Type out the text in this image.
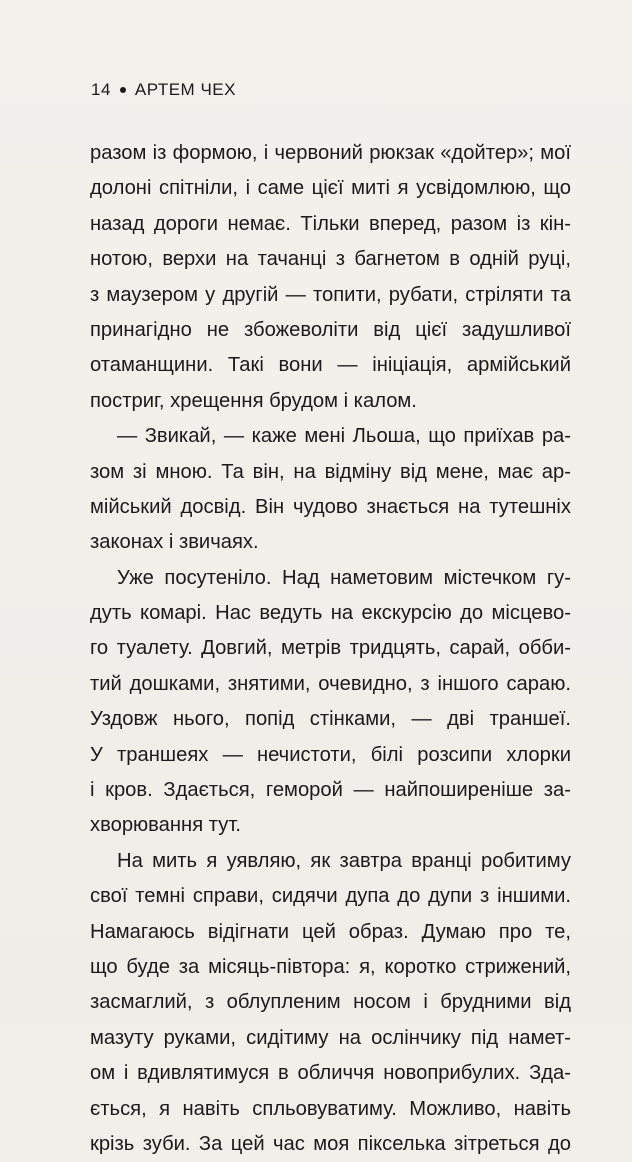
14 АРТЕМ ЧЕХ
разом із формою, і червоний рюкзак «дойтер»; мої
долоні спітніли, і саме цієї миті я усвідомлюю, що
назад дороги немає. Тільки вперед, разом із кін-
нотою, верхи на тачанці з багнетом в одній руці,
з маузером у другій — топити, рубати, стріляти та
принагідно не збожеволіти від цієї задушливої
отаманщини. Такі вони — ініціація, армійський
постриг, хрещення брудом і калом.
— Звикай, — каже мені Льоша, що приїхав ра-
зом зі мною. Та він, на відміну від мене, має ар-
мійський досвід. Він чудово знається на тутешніх
законах і звичаях.
Уже посутеніло. Над наметовим містечком гу-
дуть комарі. Нас ведуть на екскурсію до місцево-
го туалету. Довгий, метрів тридцять, сарай, обби-
тий дошками, знятими, очевидно, з іншого сараю.
Уздовж нього, попід стінками, — дві траншеї.
У траншеях — нечистоти, білі розсипи хлорки
і кров. Здається, геморой — найпоширеніше за-
хворювання тут.
На мить я уявляю, як завтра вранці робитиму
свої темні справи, сидячи дупа до дупи з іншими.
Намагаюсь відігнати цей образ. Думаю про те,
що буде за місяць-півтора: я, коротко стрижений,
засмаглий, з облупленим носом і брудними від
мазуту руками, сидітиму на ослінчику під намет-
ом і вдивлятимуся в обличчя новоприбулих. Зда-
ється, я навіть спльовуватиму. Можливо, навіть
крізь зуби. За цей час моя пікселька зітреться до
